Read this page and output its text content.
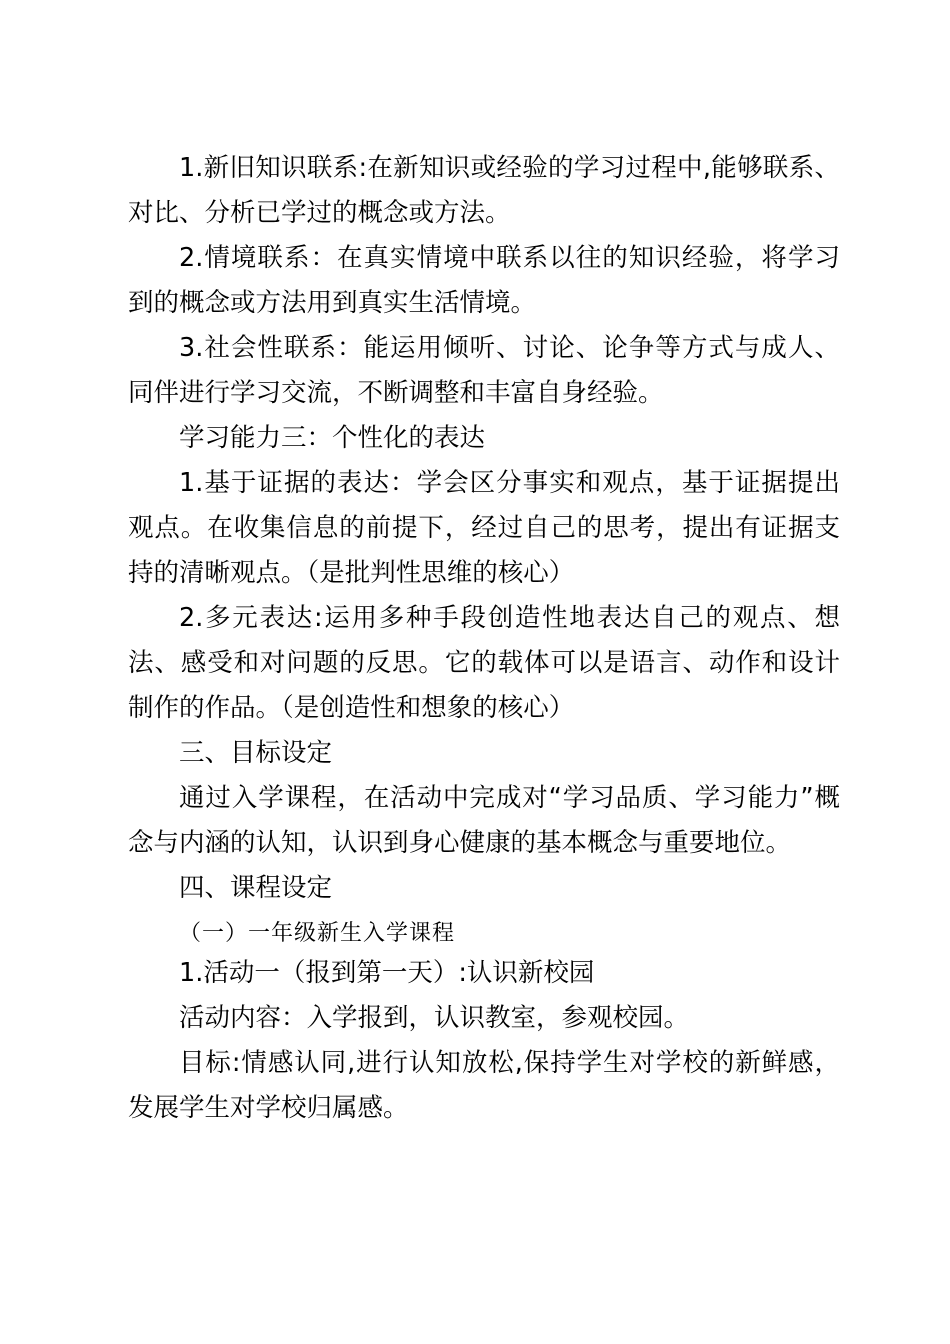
1.新旧知识联系:在新知识或经验的学习过程中,能够联系、对比、分析已学过的概念或方法。

2.情境联系：在真实情境中联系以往的知识经验，将学习到的概念或方法用到真实生活情境。

3.社会性联系：能运用倾听、讨论、论争等方式与成人、同伴进行学习交流，不断调整和丰富自身经验。

学习能力三：个性化的表达

1.基于证据的表达：学会区分事实和观点，基于证据提出观点。在收集信息的前提下，经过自己的思考，提出有证据支持的清晰观点。（是批判性思维的核心）

2.多元表达:运用多种手段创造性地表达自己的观点、想法、感受和对问题的反思。它的载体可以是语言、动作和设计制作的作品。（是创造性和想象的核心）

三、目标设定

通过入学课程，在活动中完成对“学习品质、学习能力”概念与内涵的认知，认识到身心健康的基本概念与重要地位。

四、课程设定

（一）一年级新生入学课程

1.活动一（报到第一天）:认识新校园

活动内容：入学报到，认识教室，参观校园。

目标:情感认同,进行认知放松,保持学生对学校的新鲜感，发展学生对学校归属感。
